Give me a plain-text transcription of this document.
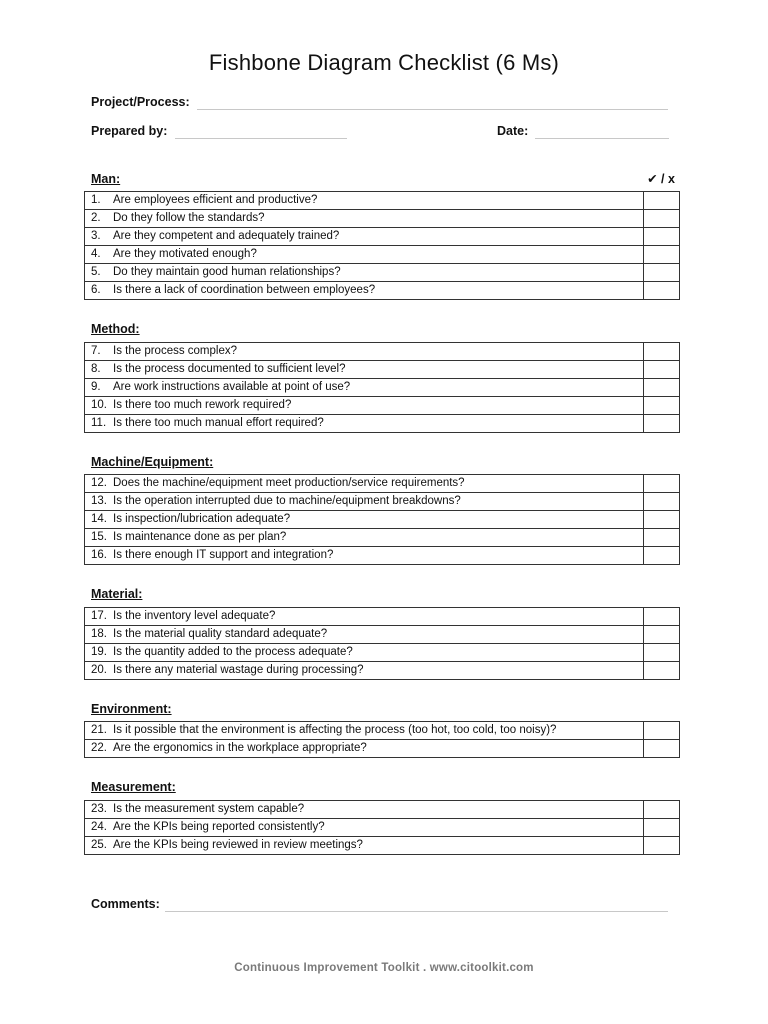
Fishbone Diagram Checklist (6 Ms)
Project/Process:
Prepared by:	Date:
✔ / x
Man:
1. Are employees efficient and productive?	
2. Do they follow the standards?	
3. Are they competent and adequately trained?	
4. Are they motivated enough?	
5. Do they maintain good human relationships?	
6. Is there a lack of coordination between employees?	
Method:
7. Is the process complex?	
8. Is the process documented to sufficient level?	
9. Are work instructions available at point of use?	
10. Is there too much rework required?	
11. Is there too much manual effort required?	
Machine/Equipment:
12. Does the machine/equipment meet production/service requirements?	
13. Is the operation interrupted due to machine/equipment breakdowns?	
14. Is inspection/lubrication adequate?	
15. Is maintenance done as per plan?	
16. Is there enough IT support and integration?	
Material:
17. Is the inventory level adequate?	
18. Is the material quality standard adequate?	
19. Is the quantity added to the process adequate?	
20. Is there any material wastage during processing?	
Environment:
21. Is it possible that the environment is affecting the process (too hot, too cold, too noisy)?	
22. Are the ergonomics in the workplace appropriate?	
Measurement:
23. Is the measurement system capable?	
24. Are the KPIs being reported consistently?	
25. Are the KPIs being reviewed in review meetings?	
Comments:
Continuous Improvement Toolkit . www.citoolkit.com
